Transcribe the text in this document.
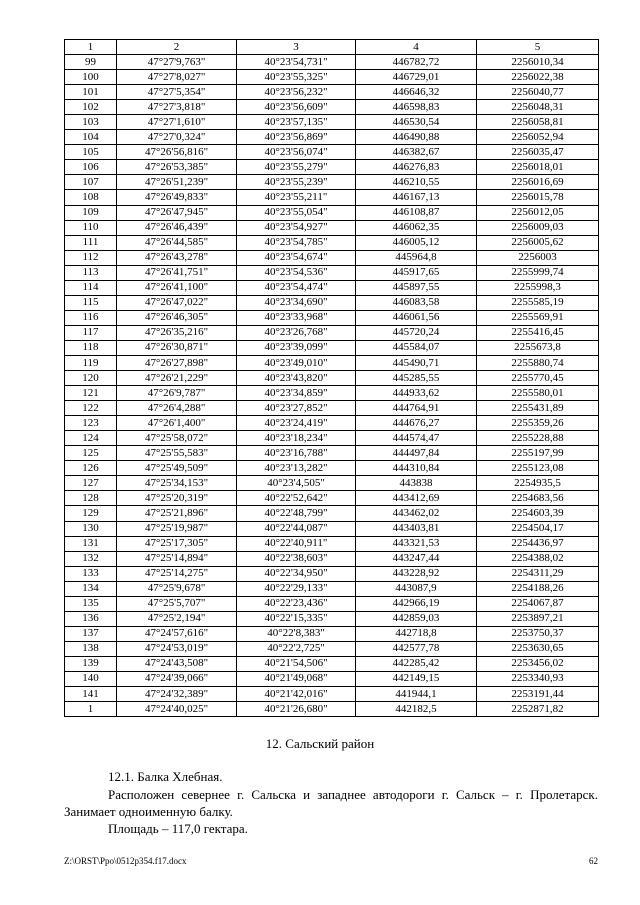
1	2	3	4	5
99	47°27'9,763"	40°23'54,731"	446782,72	2256010,34
100	47°27'8,027"	40°23'55,325"	446729,01	2256022,38
101	47°27'5,354"	40°23'56,232"	446646,32	2256040,77
102	47°27'3,818"	40°23'56,609"	446598,83	2256048,31
103	47°27'1,610"	40°23'57,135"	446530,54	2256058,81
104	47°27'0,324"	40°23'56,869"	446490,88	2256052,94
105	47°26'56,816"	40°23'56,074"	446382,67	2256035,47
106	47°26'53,385"	40°23'55,279"	446276,83	2256018,01
107	47°26'51,239"	40°23'55,239"	446210,55	2256016,69
108	47°26'49,833"	40°23'55,211"	446167,13	2256015,78
109	47°26'47,945"	40°23'55,054"	446108,87	2256012,05
110	47°26'46,439"	40°23'54,927"	446062,35	2256009,03
111	47°26'44,585"	40°23'54,785"	446005,12	2256005,62
112	47°26'43,278"	40°23'54,674"	445964,8	2256003
113	47°26'41,751"	40°23'54,536"	445917,65	2255999,74
114	47°26'41,100"	40°23'54,474"	445897,55	2255998,3
115	47°26'47,022"	40°23'34,690"	446083,58	2255585,19
116	47°26'46,305"	40°23'33,968"	446061,56	2255569,91
117	47°26'35,216"	40°23'26,768"	445720,24	2255416,45
118	47°26'30,871"	40°23'39,099"	445584,07	2255673,8
119	47°26'27,898"	40°23'49,010"	445490,71	2255880,74
120	47°26'21,229"	40°23'43,820"	445285,55	2255770,45
121	47°26'9,787"	40°23'34,859"	444933,62	2255580,01
122	47°26'4,288"	40°23'27,852"	444764,91	2255431,89
123	47°26'1,400"	40°23'24,419"	444676,27	2255359,26
124	47°25'58,072"	40°23'18,234"	444574,47	2255228,88
125	47°25'55,583"	40°23'16,788"	444497,84	2255197,99
126	47°25'49,509"	40°23'13,282"	444310,84	2255123,08
127	47°25'34,153"	40°23'4,505"	443838	2254935,5
128	47°25'20,319"	40°22'52,642"	443412,69	2254683,56
129	47°25'21,896"	40°22'48,799"	443462,02	2254603,39
130	47°25'19,987"	40°22'44,087"	443403,81	2254504,17
131	47°25'17,305"	40°22'40,911"	443321,53	2254436,97
132	47°25'14,894"	40°22'38,603"	443247,44	2254388,02
133	47°25'14,275"	40°22'34,950"	443228,92	2254311,29
134	47°25'9,678"	40°22'29,133"	443087,9	2254188,26
135	47°25'5,707"	40°22'23,436"	442966,19	2254067,87
136	47°25'2,194"	40°22'15,335"	442859,03	2253897,21
137	47°24'57,616"	40°22'8,383"	442718,8	2253750,37
138	47°24'53,019"	40°22'2,725"	442577,78	2253630,65
139	47°24'43,508"	40°21'54,506"	442285,42	2253456,02
140	47°24'39,066"	40°21'49,068"	442149,15	2253340,93
141	47°24'32,389"	40°21'42,016"	441944,1	2253191,44
1	47°24'40,025"	40°21'26,680"	442182,5	2252871,82
12. Сальский район
12.1. Балка Хлебная.
Расположен севернее г. Сальска и западнее автодороги г. Сальск – г. Пролетарск. Занимает одноименную балку.
Площадь – 117,0 гектара.
Z:\ORST\Ppo\0512p354.f17.docx	62
